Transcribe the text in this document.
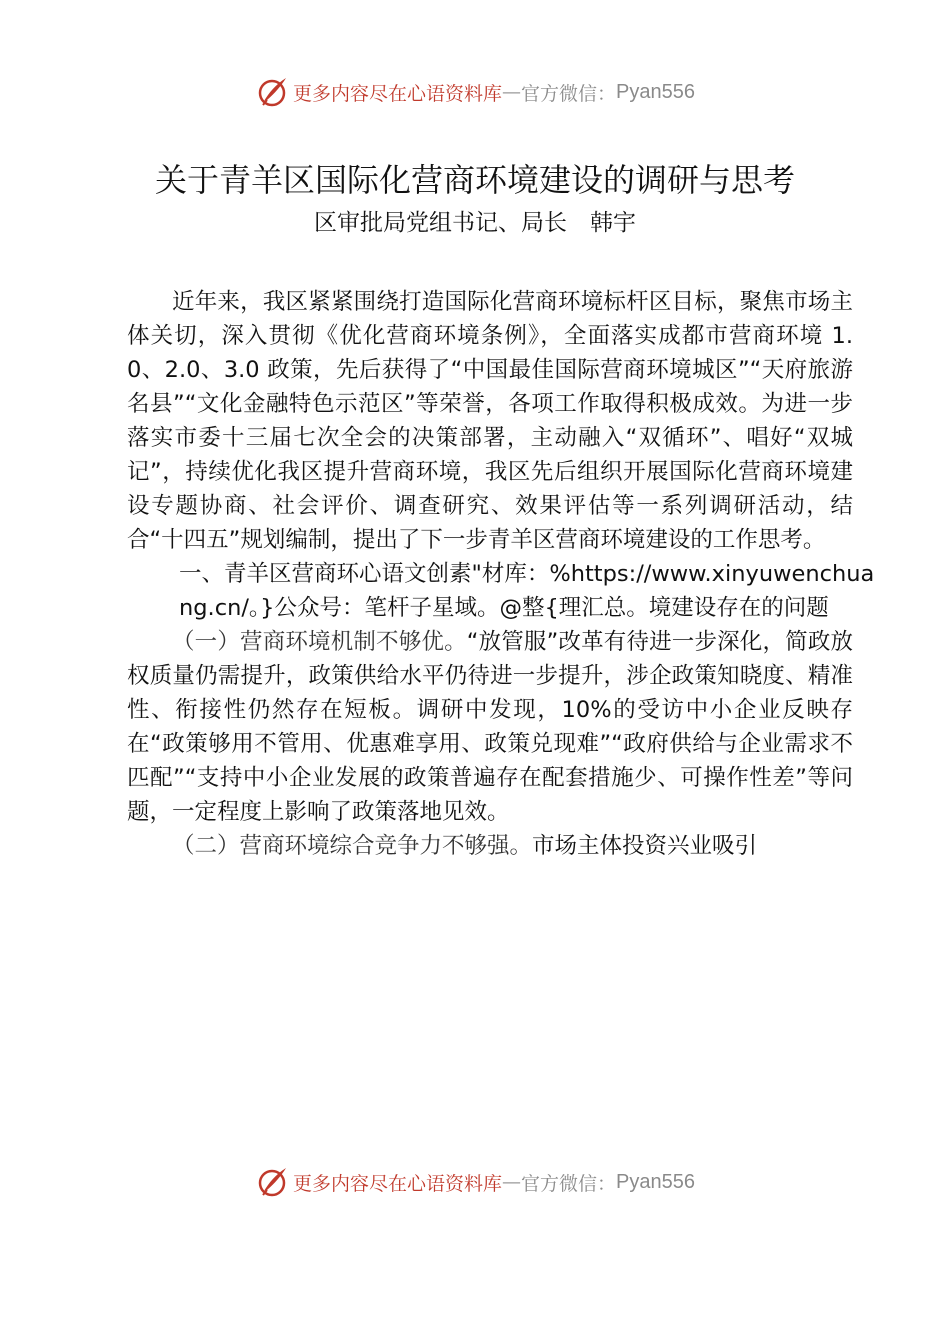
更多内容尽在心语资料库 — 官方微信： Pyan556
关于青羊区国际化营商环境建设的调研与思考
区审批局党组书记、局长　韩宇

近年来，我区紧紧围绕打造国际化营商环境标杆区目标，聚焦市场主体关切，深入贯彻《优化营商环境条例》，全面落实成都市营商环境 1.0、2.0、3.0 政策，先后获得了“中国最佳国际营商环境城区”“天府旅游名县”“文化金融特色示范区”等荣誉，各项工作取得积极成效。为进一步落实市委十三届七次全会的决策部署，主动融入“双循环”、唱好“双城记”，持续优化我区提升营商环境，我区先后组织开展国际化营商环境建设专题协商、社会评价、调查研究、效果评估等一系列调研活动，结合“十四五”规划编制，提出了下一步青羊区营商环境建设的工作思考。

一、青羊区营商环心语文创素"材库：%https://www.xinyuwenchuang.cn/。}公众号：笔杆子星域。@整{理汇总。境建设存在的问题

（一）营商环境机制不够优。“放管服”改革有待进一步深化，简政放权质量仍需提升，政策供给水平仍待进一步提升，涉企政策知晓度、精准性、衔接性仍然存在短板。调研中发现，10%的受访中小企业反映存在“政策够用不管用、优惠难享用、政策兑现难”“政府供给与企业需求不匹配”“支持中小企业发展的政策普遍存在配套措施少、可操作性差”等问题，一定程度上影响了政策落地见效。

（二）营商环境综合竞争力不够强。市场主体投资兴业吸引

更多内容尽在心语资料库 — 官方微信： Pyan556
